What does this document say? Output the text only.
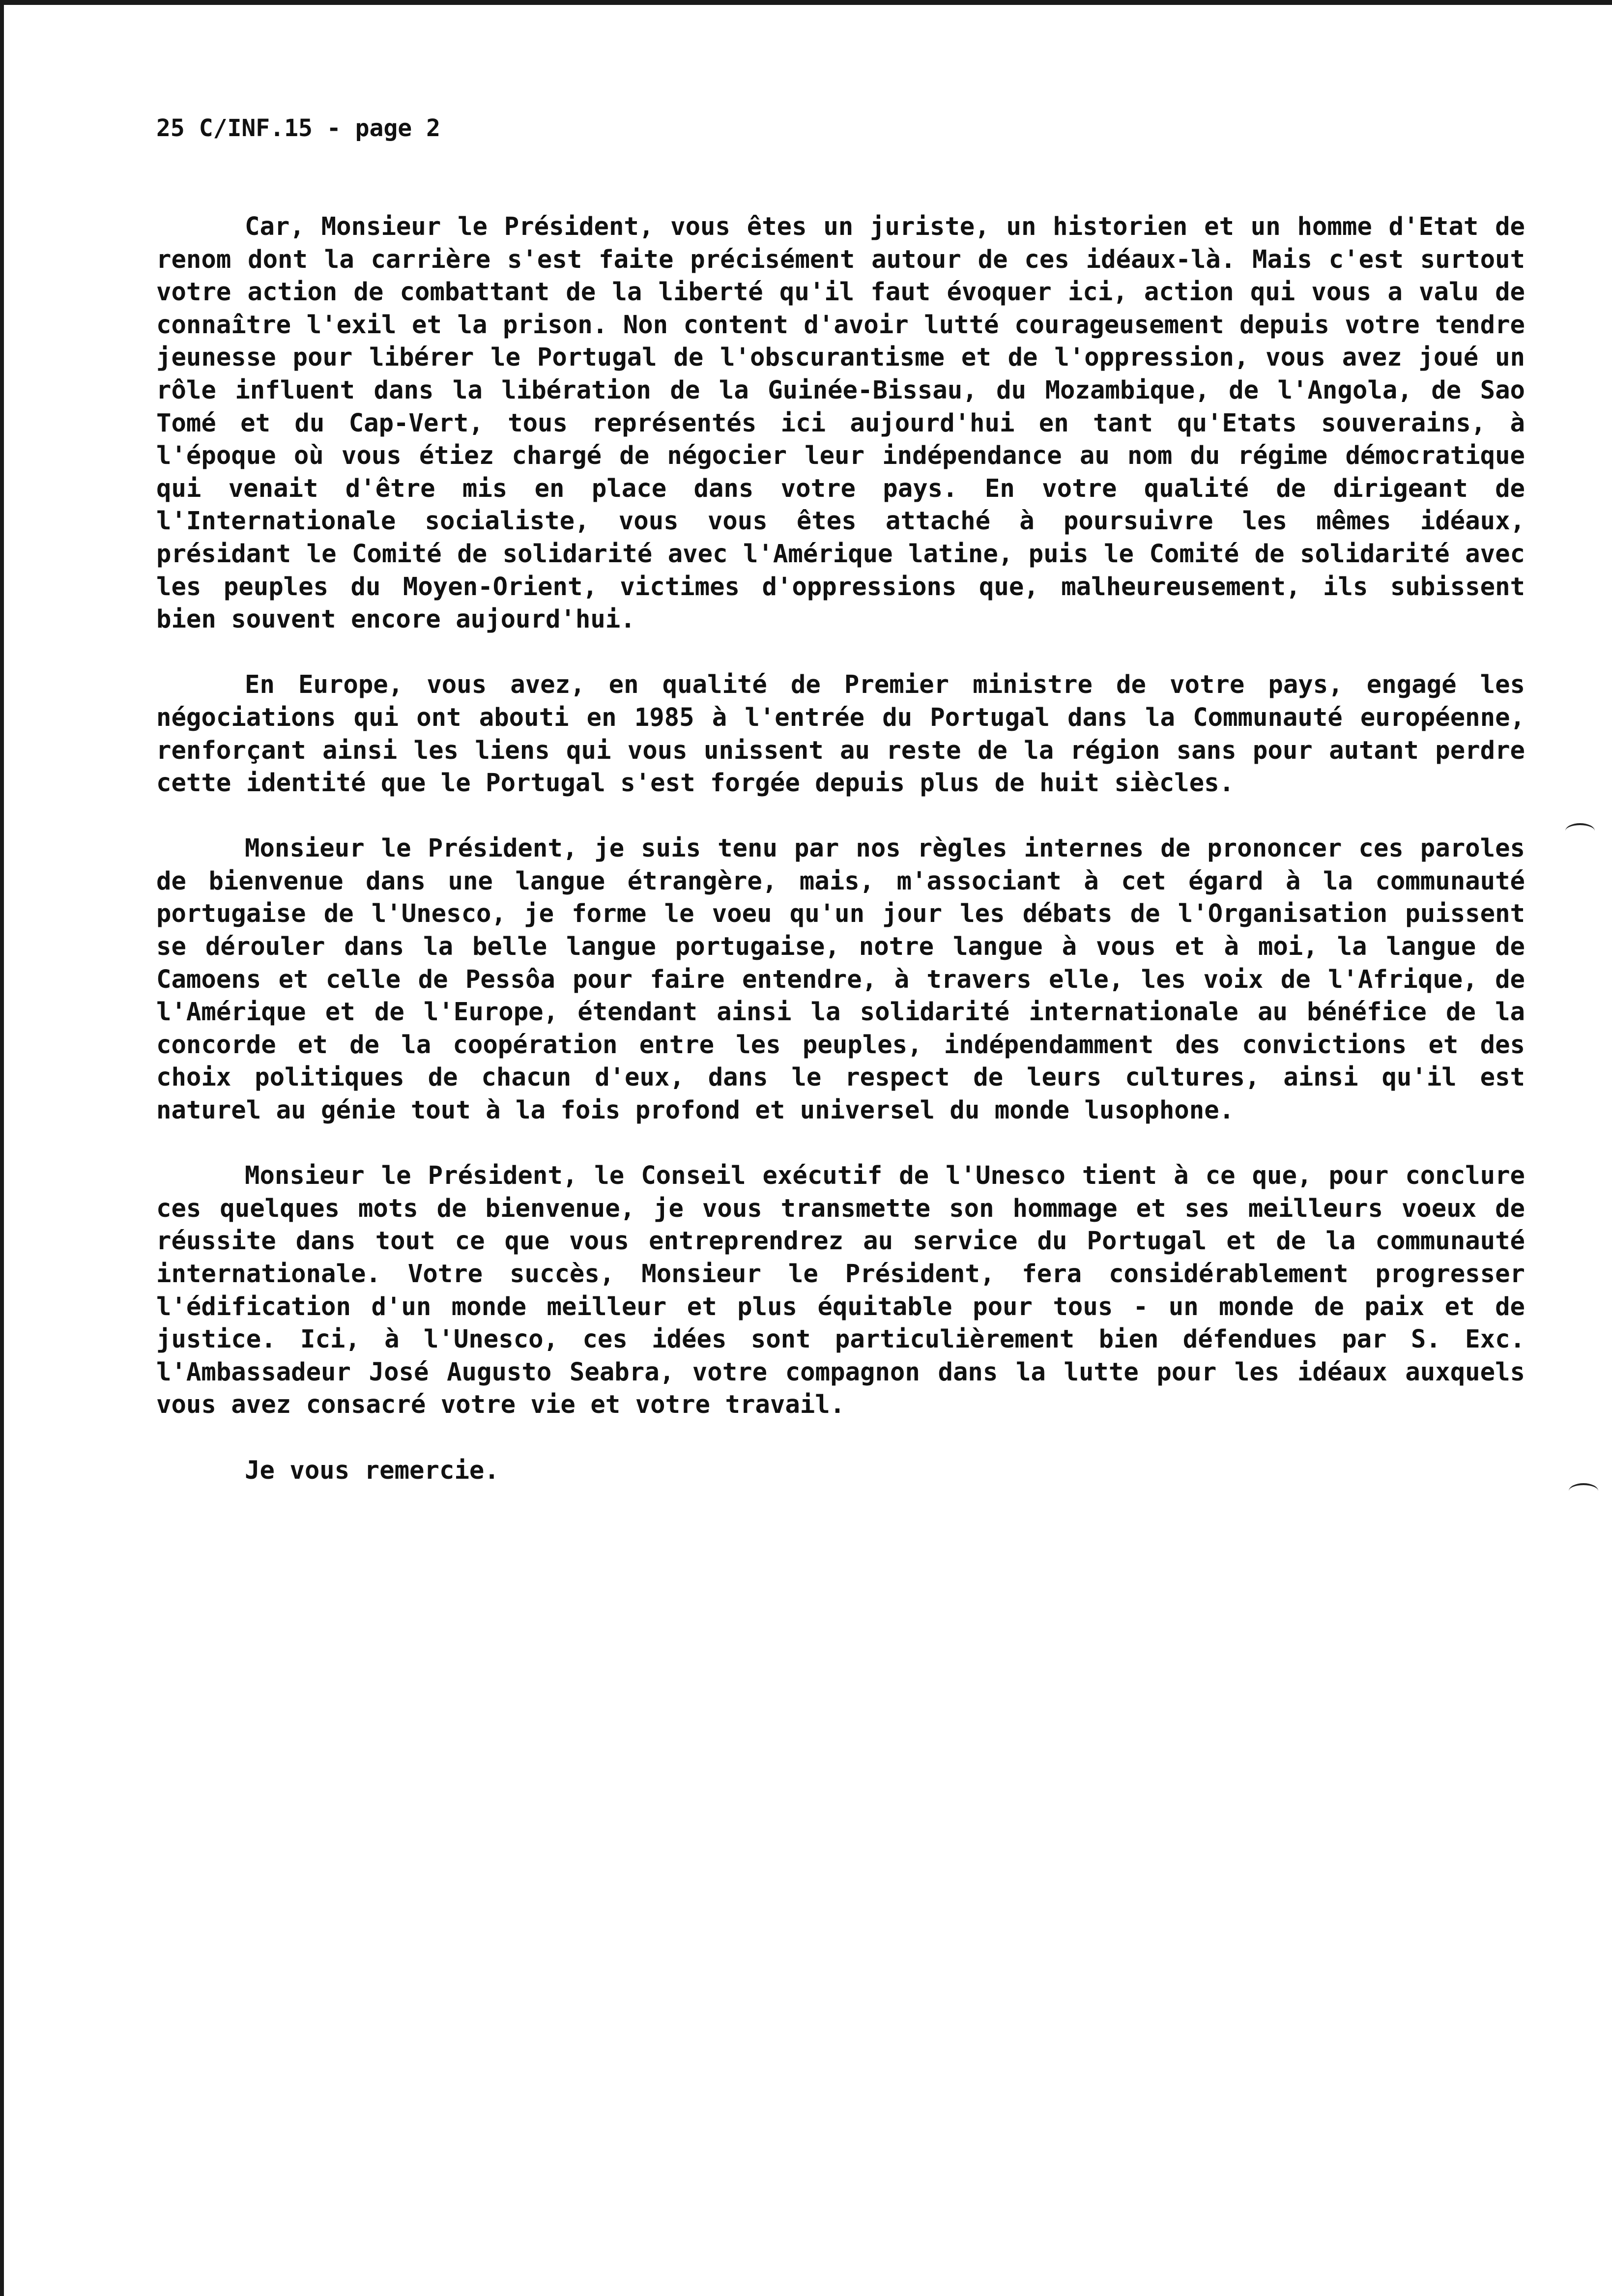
25 C/INF.15 - page 2

Car, Monsieur le Président, vous êtes un juriste, un historien et un homme d'Etat de renom dont la carrière s'est faite précisément autour de ces idéaux-là. Mais c'est surtout votre action de combattant de la liberté qu'il faut évoquer ici, action qui vous a valu de connaître l'exil et la prison. Non content d'avoir lutté courageusement depuis votre tendre jeunesse pour libérer le Portugal de l'obscurantisme et de l'oppression, vous avez joué un rôle influent dans la libération de la Guinée-Bissau, du Mozambique, de l'Angola, de Sao Tomé et du Cap-Vert, tous représentés ici aujourd'hui en tant qu'Etats souverains, à l'époque où vous étiez chargé de négocier leur indépendance au nom du régime démocratique qui venait d'être mis en place dans votre pays. En votre qualité de dirigeant de l'Internationale socialiste, vous vous êtes attaché à poursuivre les mêmes idéaux, présidant le Comité de solidarité avec l'Amérique latine, puis le Comité de solidarité avec les peuples du Moyen-Orient, victimes d'oppressions que, malheureusement, ils subissent bien souvent encore aujourd'hui.

En Europe, vous avez, en qualité de Premier ministre de votre pays, engagé les négociations qui ont abouti en 1985 à l'entrée du Portugal dans la Communauté européenne, renforçant ainsi les liens qui vous unissent au reste de la région sans pour autant perdre cette identité que le Portugal s'est forgée depuis plus de huit siècles.

Monsieur le Président, je suis tenu par nos règles internes de prononcer ces paroles de bienvenue dans une langue étrangère, mais, m'associant à cet égard à la communauté portugaise de l'Unesco, je forme le voeu qu'un jour les débats de l'Organisation puissent se dérouler dans la belle langue portugaise, notre langue à vous et à moi, la langue de Camoens et celle de Pessôa pour faire entendre, à travers elle, les voix de l'Afrique, de l'Amérique et de l'Europe, étendant ainsi la solidarité internationale au bénéfice de la concorde et de la coopération entre les peuples, indépendamment des convictions et des choix politiques de chacun d'eux, dans le respect de leurs cultures, ainsi qu'il est naturel au génie tout à la fois profond et universel du monde lusophone.

Monsieur le Président, le Conseil exécutif de l'Unesco tient à ce que, pour conclure ces quelques mots de bienvenue, je vous transmette son hommage et ses meilleurs voeux de réussite dans tout ce que vous entreprendrez au service du Portugal et de la communauté internationale. Votre succès, Monsieur le Président, fera considérablement progresser l'édification d'un monde meilleur et plus équitable pour tous - un monde de paix et de justice. Ici, à l'Unesco, ces idées sont particulièrement bien défendues par S. Exc. l'Ambassadeur José Augusto Seabra, votre compagnon dans la lutte pour les idéaux auxquels vous avez consacré votre vie et votre travail.

Je vous remercie.
